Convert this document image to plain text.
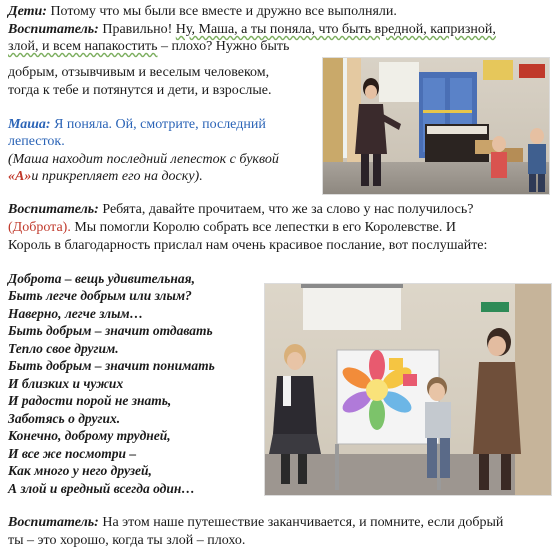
Дети: Потому что мы были все вместе и дружно все выполняли.
Воспитатель: Правильно! Ну, Маша, а ты поняла, что быть вредной, капризной,
злой, и всем напакостить – плохо? Нужно быть
добрым, отзывчивым и веселым человеком,
тогда к тебе и потянутся и дети, и взрослые.
Маша: Я поняла. Ой, смотрите, последний
лепесток.
(Маша находит последний лепесток с буквой
«А»и прикрепляет его на доску).
Воспитатель: Ребята, давайте прочитаем, что же за слово у нас получилось?
(Доброта). Мы помогли Королю собрать все лепестки в его Королевстве. И
Король в благодарность прислал нам очень красивое послание, вот послушайте:
Доброта – вещь удивительная,
Быть легче добрым или злым?
Наверно, легче злым…
Быть добрым – значит отдавать
Тепло свое другим.
Быть добрым – значит понимать
И близких и чужих
И радости порой не знать,
Заботясь о других.
Конечно, доброму трудней,
И все же посмотри –
Как много у него друзей,
А злой и вредный всегда один…
Воспитатель: На этом наше путешествие заканчивается, и помните, если добрый
ты – это хорошо, когда ты злой – плохо.
